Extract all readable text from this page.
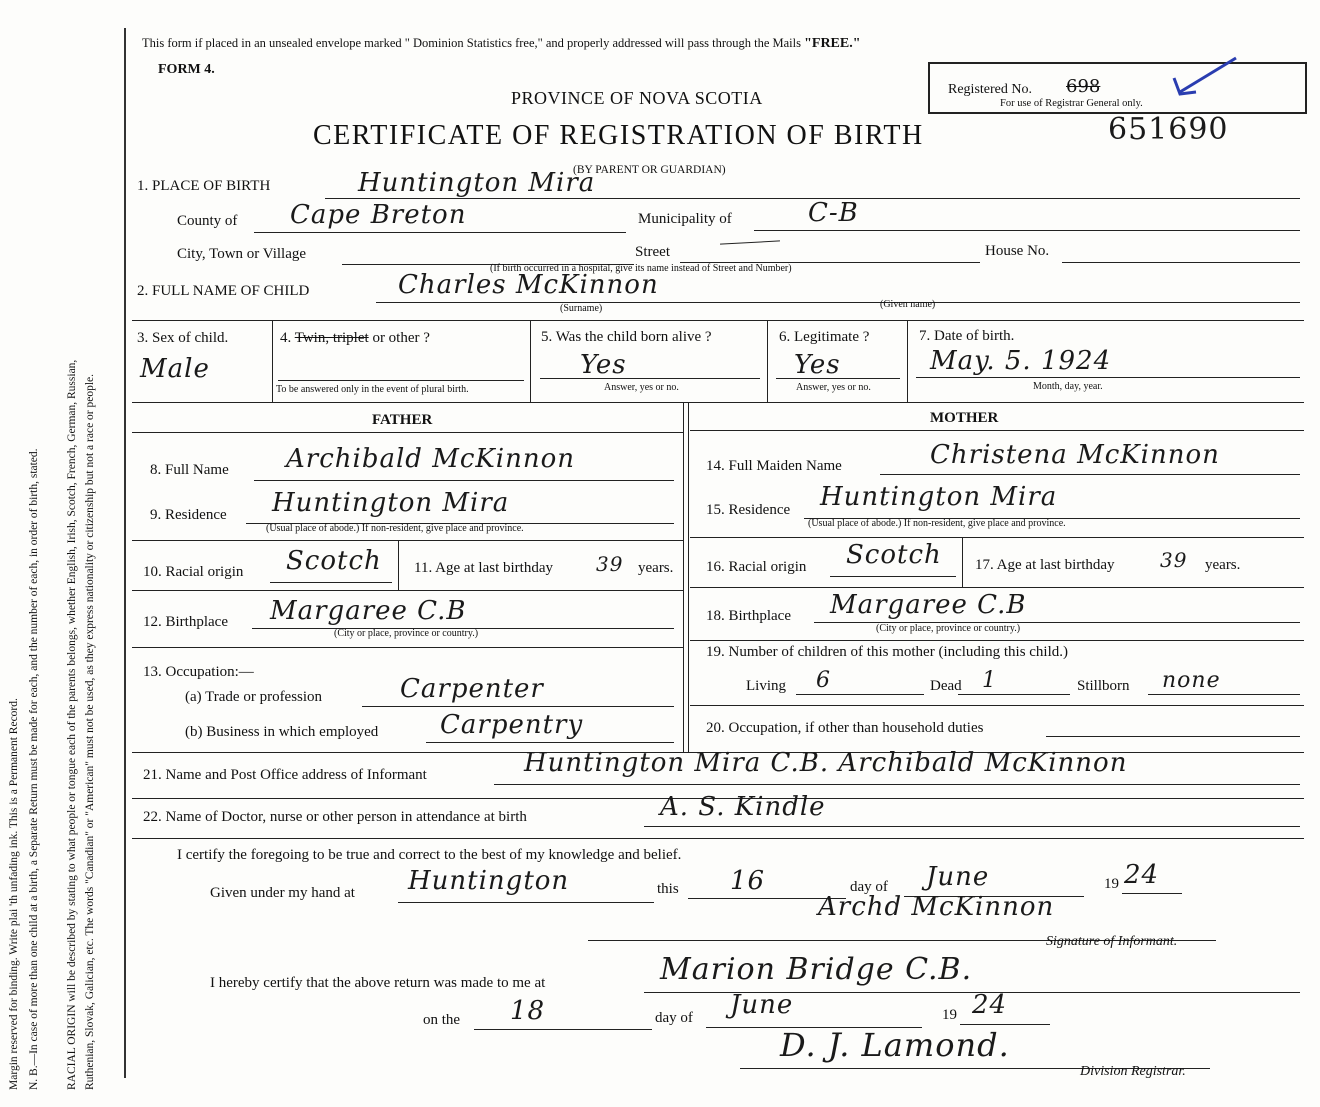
Margin reserved for binding. Write plai 'th unfading ink. This is a Permanent Record. N. B.—In case of more than one child at a birth, a Separate Return must be made for each, and the number of each, in order of birth, stated. RACIAL ORIGIN will be described by stating to what people or tongue each of the parents belongs, whether English, Irish, Scotch, French, German, Russian, Ruthenian, Slovak, Galician, etc. The words "Canadian" or "American" must not be used, as they express nationality or citizenship but not a race or people.
This form if placed in an unsealed envelope marked " Dominion Statistics free," and properly addressed will pass through the Mails "FREE."
FORM 4.
PROVINCE OF NOVA SCOTIA
CERTIFICATE OF REGISTRATION OF BIRTH
(BY PARENT OR GUARDIAN)
Registered No. 698
For use of Registrar General only.
651690
1. PLACE OF BIRTH	Huntington Mira
County of Cape Breton	Municipality of	C-B
City, Town or Village	Street
(If birth occurred in a hospital, give its name instead of Street and Number)
House No.
2. FULL NAME OF CHILD	Charles McKinnon
(Surname)	(Given name)
3. Sex of child.
Male
4. Twin, triplet or other ?
To be answered only in the event of plural birth.
5. Was the child born alive ?
Yes
Answer, yes or no.
6. Legitimate ?
Yes
Answer, yes or no.
7. Date of birth.
May. 5. 1924
Month, day, year.
FATHER	MOTHER
8. Full Name Archibald McKinnon
9. Residence Huntington Mira
(Usual place of abode.) If non-resident, give place and province.
10. Racial origin Scotch 11. Age at last birthday 39 years.
12. Birthplace Margaree C.B
(City or place, province or country.)
13. Occupation:—
(a) Trade or profession	Carpenter
(b) Business in which employed Carpentry
14. Full Maiden Name	Christena McKinnon
15. Residence Huntington Mira
(Usual place of abode.) If non-resident, give place and province.
16. Racial origin Scotch 17. Age at last birthday 39 years.
18. Birthplace Margaree C.B
(City or place, province or country.)
19. Number of children of this mother (including this child.)
Living 6	Dead 1	Stillborn none
20. Occupation, if other than household duties
21. Name and Post Office address of Informant	Huntington Mira C.B. Archibald McKinnon
22. Name of Doctor, nurse or other person in attendance at birth	A. S. Kindle
I certify the foregoing to be true and correct to the best of my knowledge and belief.
Given under my hand at Huntington	this 16	day of June	19 24
Archd McKinnon
Signature of Informant.
I hereby certify that the above return was made to me at	Marion Bridge C.B.
on the 18	day of June	19 24
D. J. Lamond.
Division Registrar.
